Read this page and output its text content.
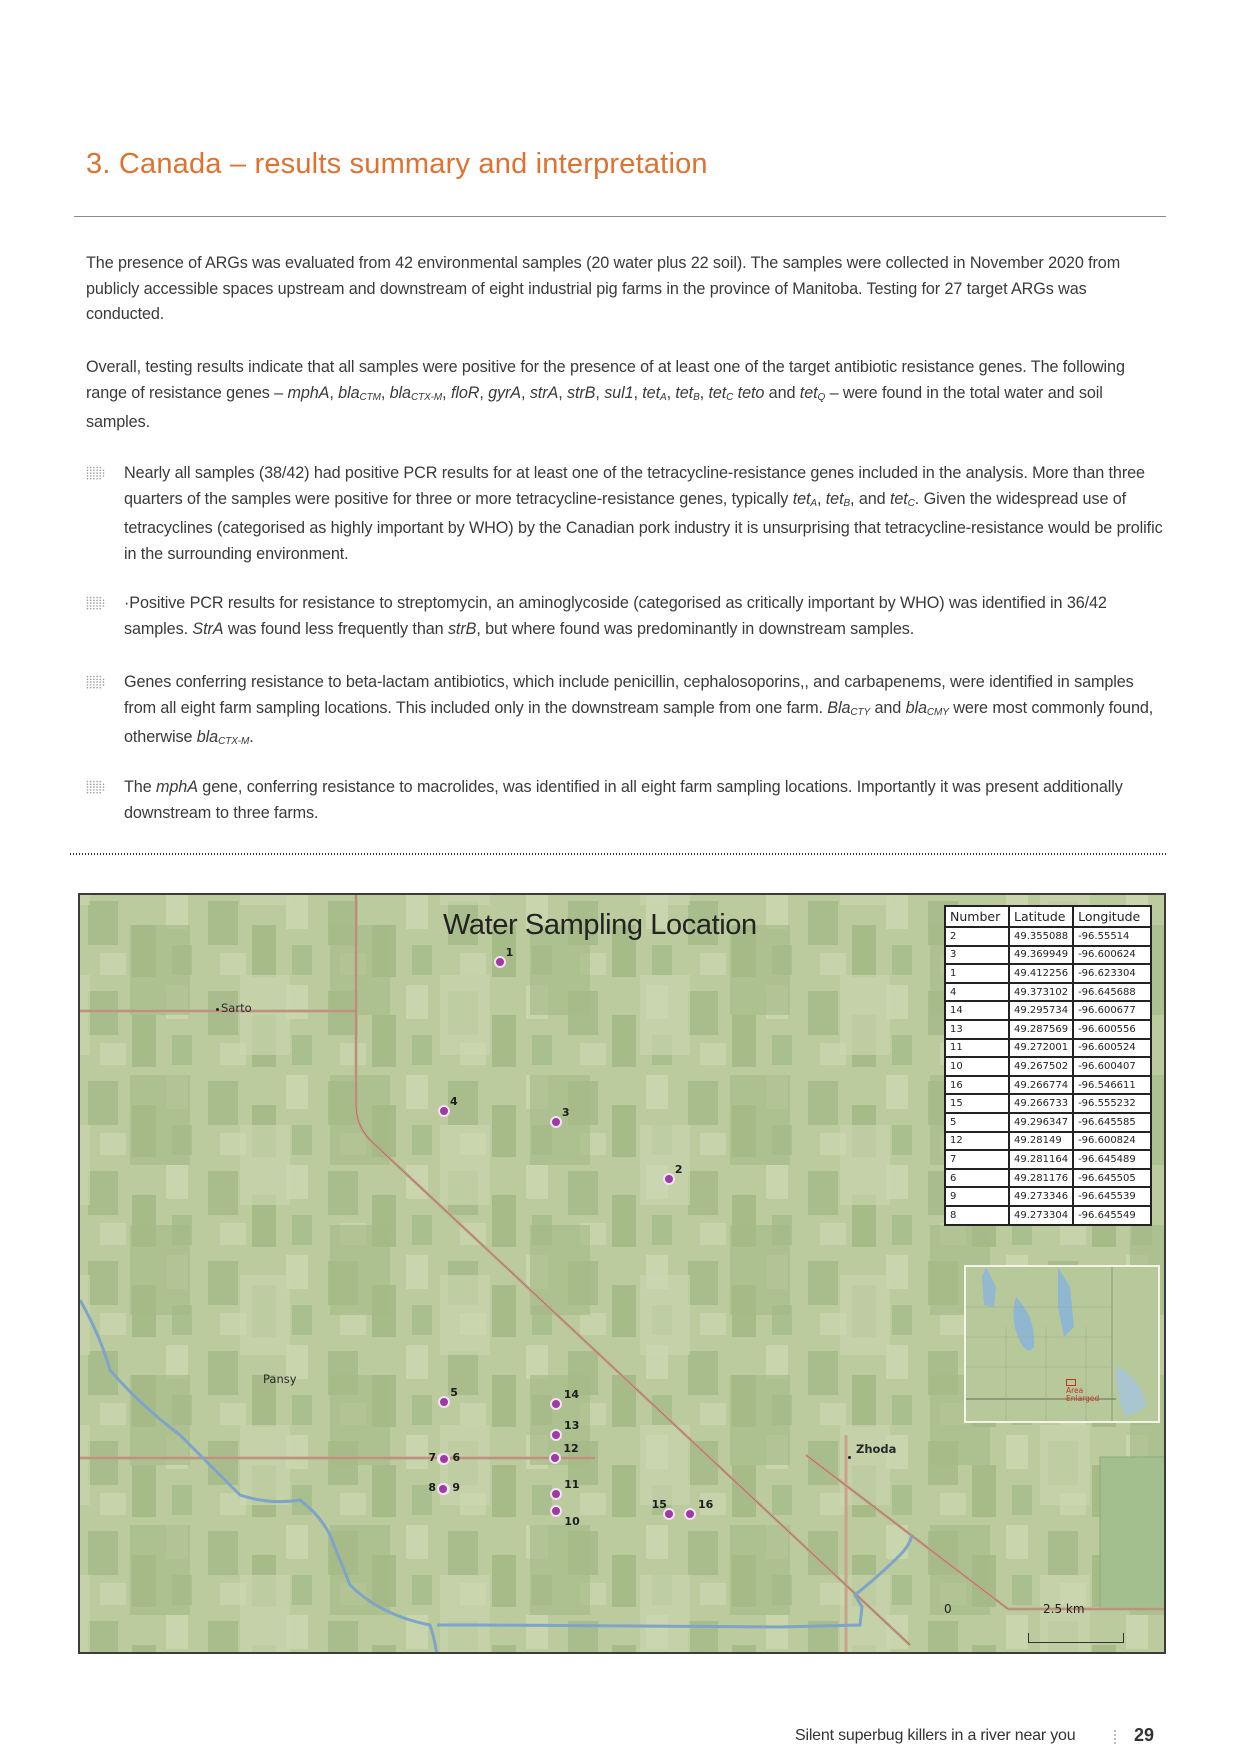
3. Canada – results summary and interpretation

The presence of ARGs was evaluated from 42 environmental samples (20 water plus 22 soil). The samples were collected in November 2020 from publicly accessible spaces upstream and downstream of eight industrial pig farms in the province of Manitoba. Testing for 27 target ARGs was conducted.

Overall, testing results indicate that all samples were positive for the presence of at least one of the target antibiotic resistance genes. The following range of resistance genes – mphA, bla$_{CTM}$, bla$_{CTX-M}$, floR, gyrA, strA, strB, sul1, tet$_A$, tet$_B$, tet$_C$ teto and tet$_Q$ – were found in the total water and soil samples.

Nearly all samples (38/42) had positive PCR results for at least one of the tetracycline-resistance genes included in the analysis. More than three quarters of the samples were positive for three or more tetracycline-resistance genes, typically tet$_A$, tet$_B$, and tet$_C$. Given the widespread use of tetracyclines (categorised as highly important by WHO) by the Canadian pork industry it is unsurprising that tetracycline-resistance would be prolific in the surrounding environment.
·Positive PCR results for resistance to streptomycin, an aminoglycoside (categorised as critically important by WHO) was identified in 36/42 samples. StrA was found less frequently than strB, but where found was predominantly in downstream samples.
Genes conferring resistance to beta-lactam antibiotics, which include penicillin, cephalosoporins,, and carbapenems, were identified in samples from all eight farm sampling locations. This included only in the downstream sample from one farm. Bla$_{CTY}$ and bla$_{CMY}$ were most commonly found, otherwise bla$_{CTX-M}$.
The mphA gene, conferring resistance to macrolides, was identified in all eight farm sampling locations. Importantly it was present additionally downstream to three farms.
Water Sampling Location
Sarto
Pansy
Zhoda
2
3
1
4
14
13
11
10
16
15
5
12
7 6
9
8
Number	Latitude	Longitude
2	49.355088	-96.55514
3	49.369949	-96.600624
1	49.412256	-96.623304
4	49.373102	-96.645688
14	49.295734	-96.600677
13	49.287569	-96.600556
11	49.272001	-96.600524
10	49.267502	-96.600407
16	49.266774	-96.546611
15	49.266733	-96.555232
5	49.296347	-96.645585
12	49.28149	-96.600824
7	49.281164	-96.645489
6	49.281176	-96.645505
9	49.273346	-96.645539
8	49.273304	-96.645549
Area
Enlarged
0	2.5 km
Silent superbug killers in a river near you	29
